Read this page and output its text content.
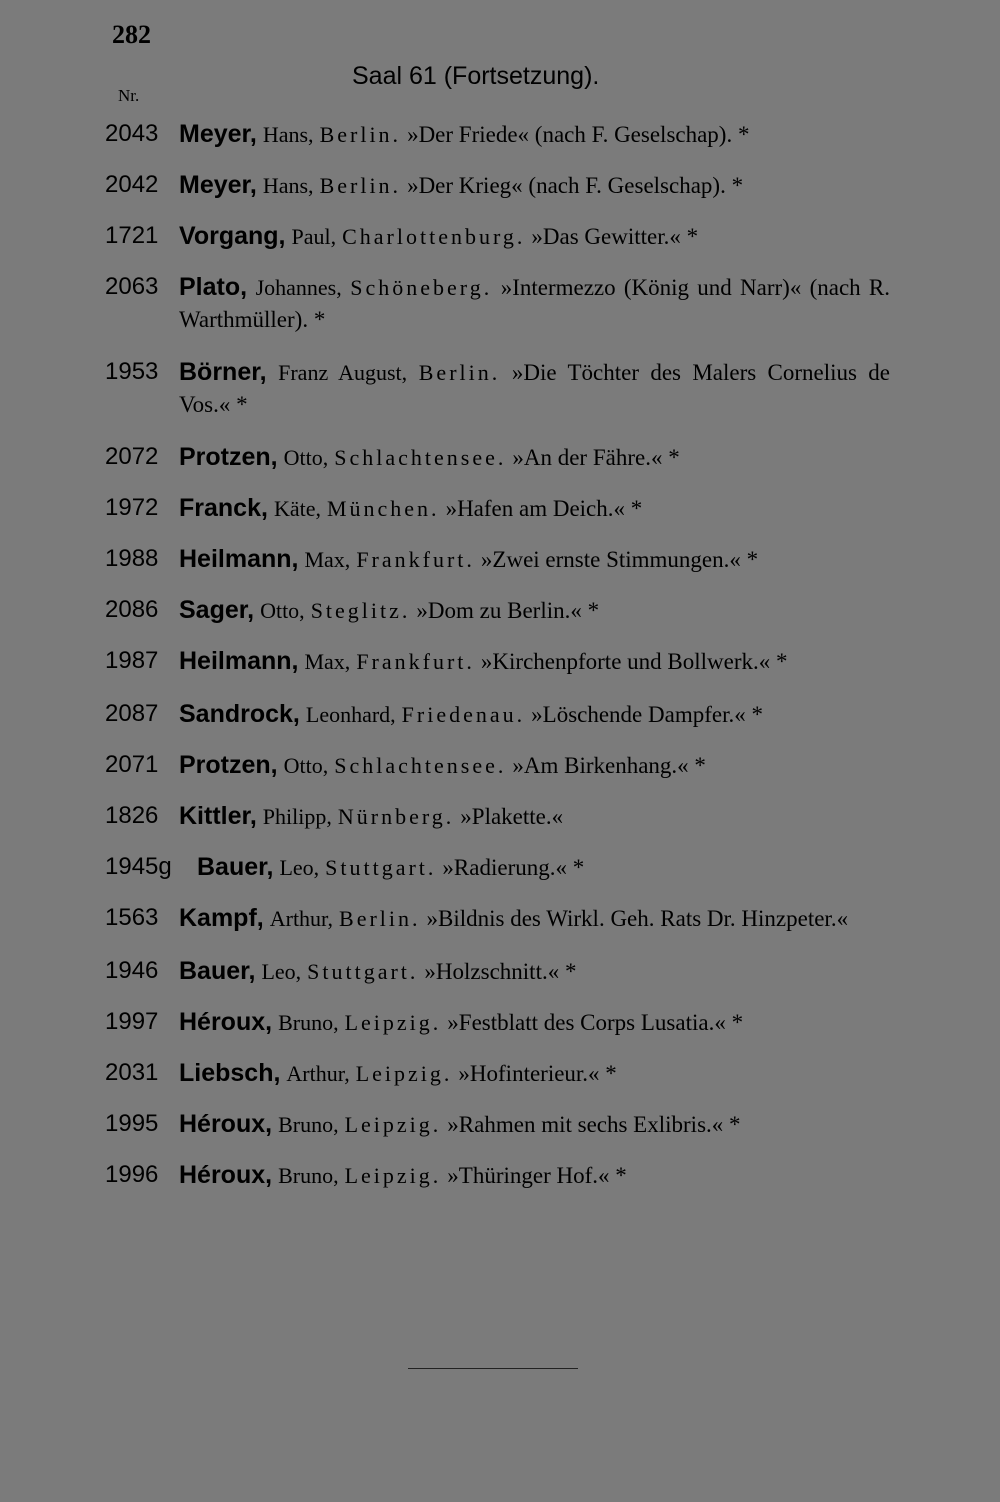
282
Saal 61 (Fortsetzung).
Nr.
2043 Meyer, Hans, Berlin. »Der Friede« (nach F. Geselschap). *
2042 Meyer, Hans, Berlin. »Der Krieg« (nach F. Geselschap). *
1721 Vorgang, Paul, Charlottenburg. »Das Gewitter.« *
2063 Plato, Johannes, Schöneberg. »Intermezzo (König und Narr)« (nach R. Warthmüller). *
1953 Börner, Franz August, Berlin. »Die Töchter des Malers Cornelius de Vos.« *
2072 Protzen, Otto, Schlachtensee. »An der Fähre.« *
1972 Franck, Käte, München. »Hafen am Deich.« *
1988 Heilmann, Max, Frankfurt. »Zwei ernste Stimmungen.« *
2086 Sager, Otto, Steglitz. »Dom zu Berlin.« *
1987 Heilmann, Max, Frankfurt. »Kirchenpforte und Bollwerk.« *
2087 Sandrock, Leonhard, Friedenau. »Löschende Dampfer.« *
2071 Protzen, Otto, Schlachtensee. »Am Birkenhang.« *
1826 Kittler, Philipp, Nürnberg. »Plakette.«
1945g	Bauer, Leo, Stuttgart. »Radierung.« *
1563 Kampf, Arthur, Berlin. »Bildnis des Wirkl. Geh. Rats Dr. Hinzpeter.«
1946 Bauer, Leo, Stuttgart. »Holzschnitt.« *
1997 Héroux, Bruno, Leipzig. »Festblatt des Corps Lusatia.« *
2031 Liebsch, Arthur, Leipzig. »Hofinterieur.« *
1995 Héroux, Bruno, Leipzig. »Rahmen mit sechs Exlibris.« *
1996 Héroux, Bruno, Leipzig. »Thüringer Hof.« *
